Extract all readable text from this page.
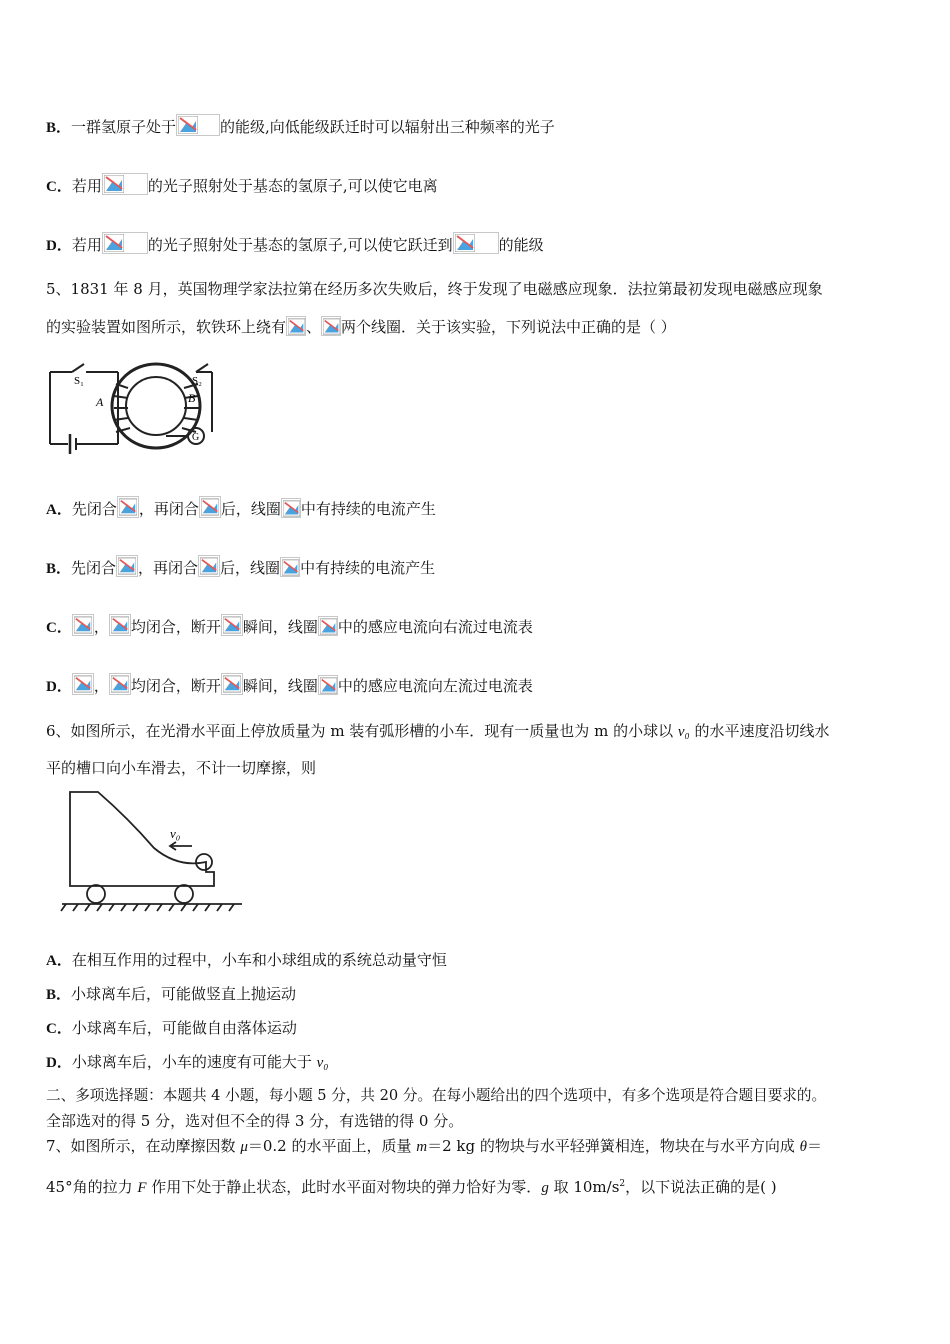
B．一群氢原子处于	的能级,向低能级跃迁时可以辐射出三种频率的光子
C．若用	的光子照射处于基态的氢原子,可以使它电离
D．若用	的光子照射处于基态的氢原子,可以使它跃迁到	的能级
5、1831 年 8 月，英国物理学家法拉第在经历多次失败后，终于发现了电磁感应现象．法拉第最初发现电磁感应现象
的实验装置如图所示，软铁环上绕有 、 两个线圈．关于该实验，下列说法中正确的是（ ）
S₁	S₂
A	B
G
A．先闭合 ，再闭合 后，线圈 中有持续的电流产生
B．先闭合 ，再闭合 后，线圈 中有持续的电流产生
C． ， 均闭合，断开 瞬间，线圈 中的感应电流向右流过电流表
D． ， 均闭合，断开 瞬间，线圈 中的感应电流向左流过电流表
6、如图所示，在光滑水平面上停放质量为 m 装有弧形槽的小车．现有一质量也为 m 的小球以 v₀ 的水平速度沿切线水
平的槽口向小车滑去，不计一切摩擦，则
v₀
A．在相互作用的过程中，小车和小球组成的系统总动量守恒
B．小球离车后，可能做竖直上抛运动
C．小球离车后，可能做自由落体运动
D．小球离车后，小车的速度有可能大于 v₀
二、多项选择题：本题共 4 小题，每小题 5 分，共 20 分。在每小题给出的四个选项中，有多个选项是符合题目要求的。
全部选对的得 5 分，选对但不全的得 3 分，有选错的得 0 分。
7、如图所示，在动摩擦因数 μ＝0.2 的水平面上，质量 m＝2 kg 的物块与水平轻弹簧相连，物块在与水平方向成 θ＝
45°角的拉力 F 作用下处于静止状态，此时水平面对物块的弹力恰好为零．g 取 $10m/s^2$，以下说法正确的是( )
